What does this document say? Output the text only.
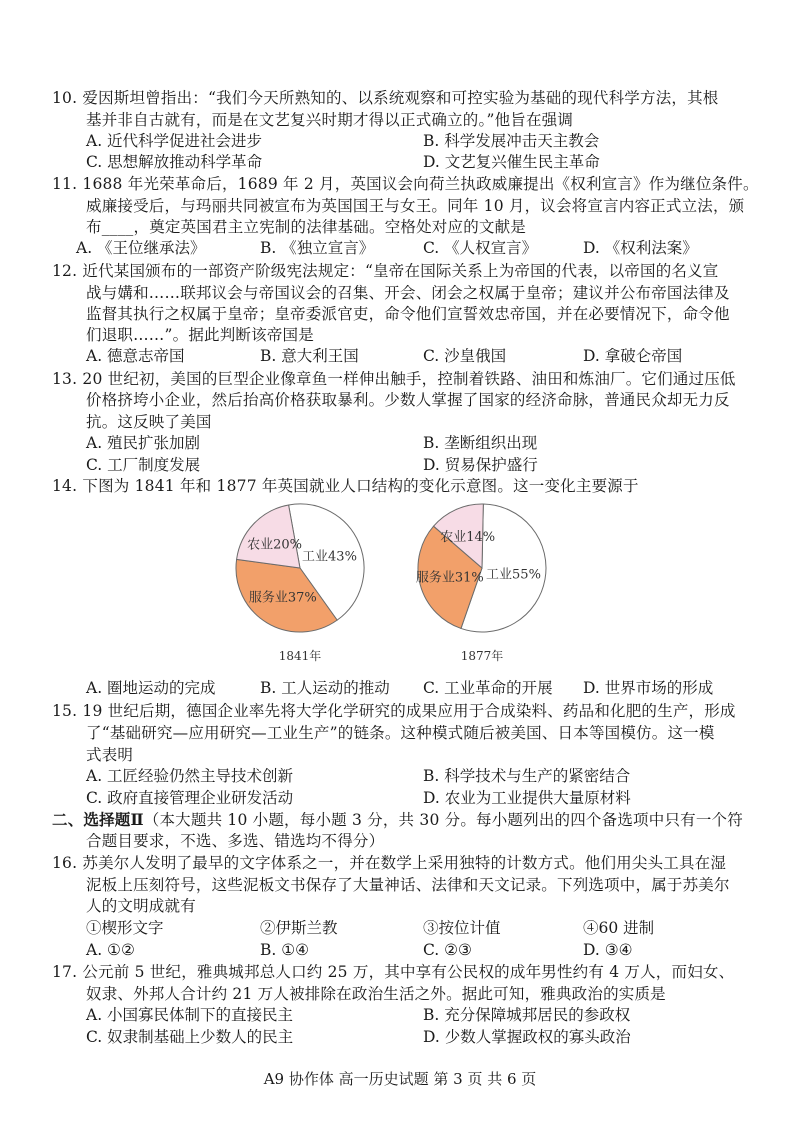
10. 爱因斯坦曾指出：“我们今天所熟知的、以系统观察和可控实验为基础的现代科学方法，其根
基并非自古就有，而是在文艺复兴时期才得以正式确立的。”他旨在强调
A. 近代科学促进社会进步	B. 科学发展冲击天主教会
C. 思想解放推动科学革命	D. 文艺复兴催生民主革命
11. 1688 年光荣革命后，1689 年 2 月，英国议会向荷兰执政威廉提出《权利宣言》作为继位条件。
威廉接受后，与玛丽共同被宣布为英国国王与女王。同年 10 月，议会将宣言内容正式立法，颁
布____，奠定英国君主立宪制的法律基础。空格处对应的文献是
A. 《王位继承法》	B. 《独立宣言》	C. 《人权宣言》	D. 《权利法案》
12. 近代某国颁布的一部资产阶级宪法规定：“皇帝在国际关系上为帝国的代表，以帝国的名义宣
战与媾和……联邦议会与帝国议会的召集、开会、闭会之权属于皇帝；建议并公布帝国法律及
监督其执行之权属于皇帝；皇帝委派官吏，命令他们宣誓效忠帝国，并在必要情况下，命令他
们退职……”。据此判断该帝国是
A. 德意志帝国	B. 意大利王国	C. 沙皇俄国	D. 拿破仑帝国
13. 20 世纪初，美国的巨型企业像章鱼一样伸出触手，控制着铁路、油田和炼油厂。它们通过压低
价格挤垮小企业，然后抬高价格获取暴利。少数人掌握了国家的经济命脉，普通民众却无力反
抗。这反映了美国
A. 殖民扩张加剧	B. 垄断组织出现
C. 工厂制度发展	D. 贸易保护盛行
14. 下图为 1841 年和 1877 年英国就业人口结构的变化示意图。这一变化主要源于
工业43%
服务业37%
农业20%
1841年
工业55%
服务业31%
农业14%
1877年
A. 圈地运动的完成	B. 工人运动的推动 C. 工业革命的开展 D. 世界市场的形成
15. 19 世纪后期，德国企业率先将大学化学研究的成果应用于合成染料、药品和化肥的生产，形成
了“基础研究—应用研究—工业生产”的链条。这种模式随后被美国、日本等国模仿。这一模
式表明
A. 工匠经验仍然主导技术创新	B. 科学技术与生产的紧密结合
C. 政府直接管理企业研发活动	D. 农业为工业提供大量原材料
二、选择题Ⅱ（本大题共 10 小题，每小题 3 分，共 30 分。每小题列出的四个备选项中只有一个符
合题目要求，不选、多选、错选均不得分）
16. 苏美尔人发明了最早的文字体系之一，并在数学上采用独特的计数方式。他们用尖头工具在湿
泥板上压刻符号，这些泥板文书保存了大量神话、法律和天文记录。下列选项中，属于苏美尔
人的文明成就有
①楔形文字	②伊斯兰教	③按位计值	④60 进制
A. ①②	B. ①④	C. ②③	D. ③④
17. 公元前 5 世纪，雅典城邦总人口约 25 万，其中享有公民权的成年男性约有 4 万人，而妇女、
奴隶、外邦人合计约 21 万人被排除在政治生活之外。据此可知，雅典政治的实质是
A. 小国寡民体制下的直接民主	B. 充分保障城邦居民的参政权
C. 奴隶制基础上少数人的民主	D. 少数人掌握政权的寡头政治
A9 协作体 高一历史试题 第 3 页 共 6 页
